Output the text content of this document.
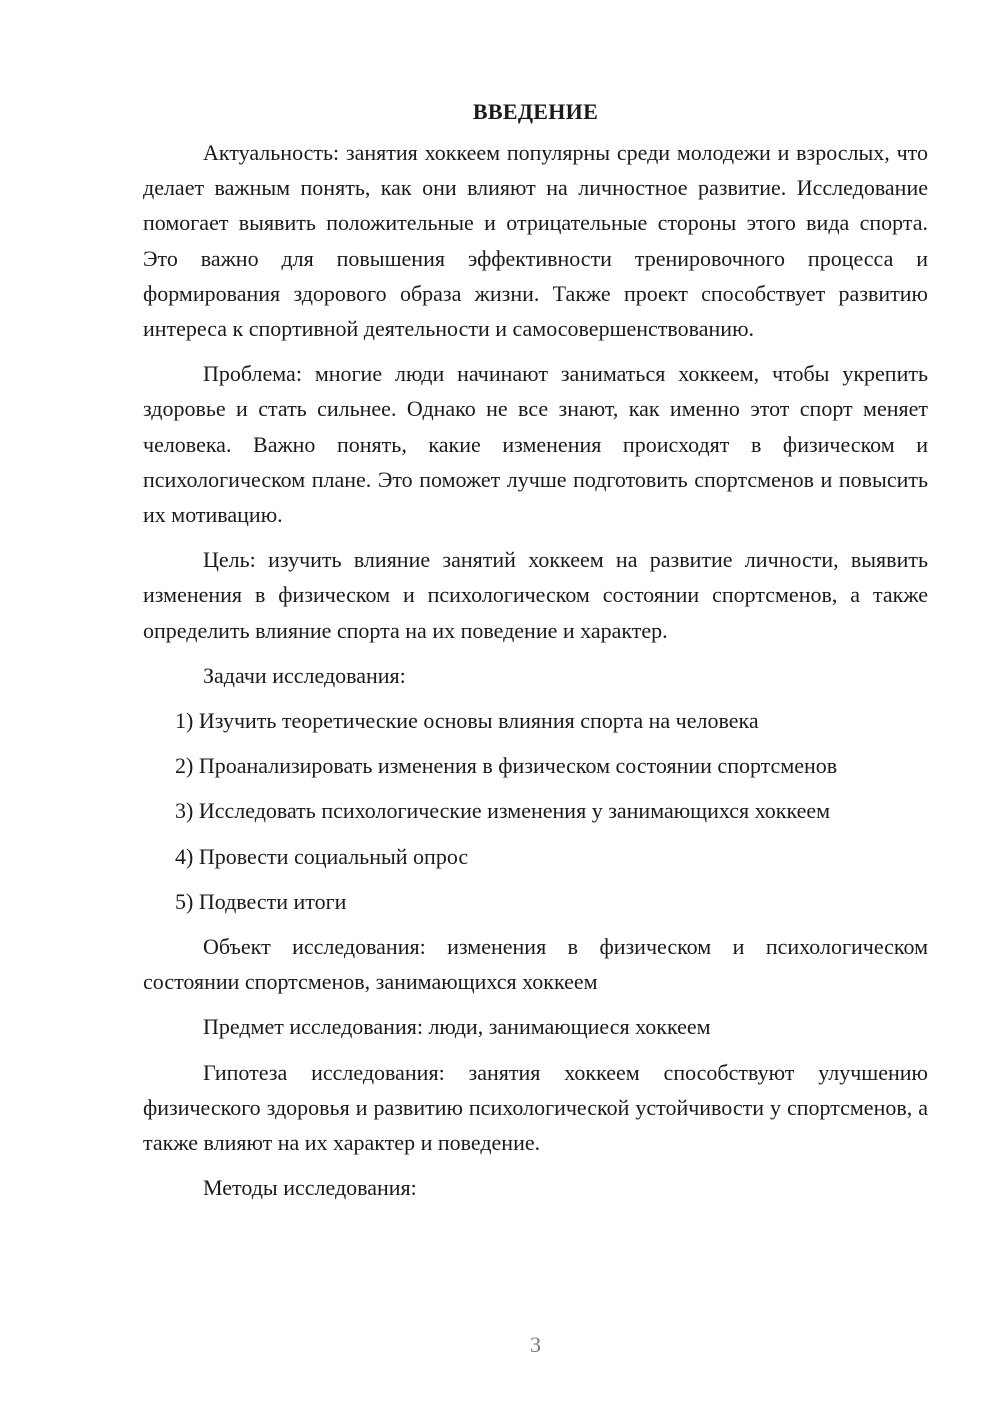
ВВЕДЕНИЕ

Актуальность: занятия хоккеем популярны среди молодежи и взрослых, что делает важным понять, как они влияют на личностное развитие. Исследование помогает выявить положительные и отрицательные стороны этого вида спорта. Это важно для повышения эффективности тренировочного процесса и формирования здорового образа жизни. Также проект способствует развитию интереса к спортивной деятельности и самосовершенствованию.

Проблема: многие люди начинают заниматься хоккеем, чтобы укрепить здоровье и стать сильнее. Однако не все знают, как именно этот спорт меняет человека. Важно понять, какие изменения происходят в физическом и психологическом плане. Это поможет лучше подготовить спортсменов и повысить их мотивацию.

Цель: изучить влияние занятий хоккеем на развитие личности, выявить изменения в физическом и психологическом состоянии спортсменов, а также определить влияние спорта на их поведение и характер.

Задачи исследования:

1) Изучить теоретические основы влияния спорта на человека
2) Проанализировать изменения в физическом состоянии спортсменов
3) Исследовать психологические изменения у занимающихся хоккеем
4) Провести социальный опрос
5) Подвести итоги

Объект исследования: изменения в физическом и психологическом состоянии спортсменов, занимающихся хоккеем

Предмет исследования: люди, занимающиеся хоккеем

Гипотеза исследования: занятия хоккеем способствуют улучшению физического здоровья и развитию психологической устойчивости у спортсменов, а также влияют на их характер и поведение.

Методы исследования:

3
